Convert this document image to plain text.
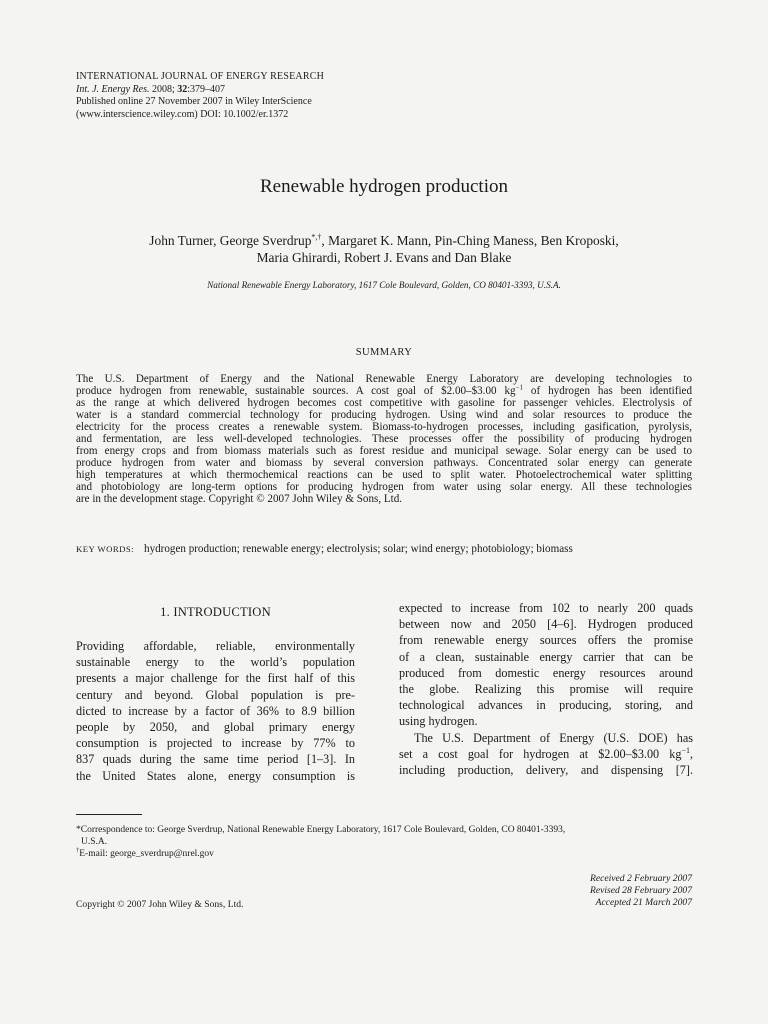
INTERNATIONAL JOURNAL OF ENERGY RESEARCH
Int. J. Energy Res. 2008; 32:379–407
Published online 27 November 2007 in Wiley InterScience
(www.interscience.wiley.com) DOI: 10.1002/er.1372
Renewable hydrogen production
John Turner, George Sverdrup*,†, Margaret K. Mann, Pin-Ching Maness, Ben Kroposki,
Maria Ghirardi, Robert J. Evans and Dan Blake
National Renewable Energy Laboratory, 1617 Cole Boulevard, Golden, CO 80401-3393, U.S.A.
SUMMARY
The U.S. Department of Energy and the National Renewable Energy Laboratory are developing technologies to
produce hydrogen from renewable, sustainable sources. A cost goal of $2.00–$3.00 $kg^{-1}$ of hydrogen has been identified
as the range at which delivered hydrogen becomes cost competitive with gasoline for passenger vehicles. Electrolysis of
water is a standard commercial technology for producing hydrogen. Using wind and solar resources to produce the
electricity for the process creates a renewable system. Biomass-to-hydrogen processes, including gasification, pyrolysis,
and fermentation, are less well-developed technologies. These processes offer the possibility of producing hydrogen
from energy crops and from biomass materials such as forest residue and municipal sewage. Solar energy can be used to
produce hydrogen from water and biomass by several conversion pathways. Concentrated solar energy can generate
high temperatures at which thermochemical reactions can be used to split water. Photoelectrochemical water splitting
and photobiology are long-term options for producing hydrogen from water using solar energy. All these technologies
are in the development stage. Copyright © 2007 John Wiley & Sons, Ltd.
KEY WORDS: hydrogen production; renewable energy; electrolysis; solar; wind energy; photobiology; biomass
1. INTRODUCTION
Providing affordable, reliable, environmentally
sustainable energy to the world’s population
presents a major challenge for the first half of this
century and beyond. Global population is pre-
dicted to increase by a factor of 36% to 8.9 billion
people by 2050, and global primary energy
consumption is projected to increase by 77% to
837 quads during the same time period [1–3]. In
the United States alone, energy consumption is
expected to increase from 102 to nearly 200 quads
between now and 2050 [4–6]. Hydrogen produced
from renewable energy sources offers the promise
of a clean, sustainable energy carrier that can be
produced from domestic energy resources around
the globe. Realizing this promise will require
technological advances in producing, storing, and
using hydrogen.
The U.S. Department of Energy (U.S. DOE) has
set a cost goal for hydrogen at $2.00–$3.00 $kg^{-1}$,
including production, delivery, and dispensing [7].
*Correspondence to: George Sverdrup, National Renewable Energy Laboratory, 1617 Cole Boulevard, Golden, CO 80401-3393,
U.S.A.
†E-mail: george_sverdrup@nrel.gov
Received 2 February 2007
Revised 28 February 2007
Accepted 21 March 2007
Copyright © 2007 John Wiley & Sons, Ltd.
